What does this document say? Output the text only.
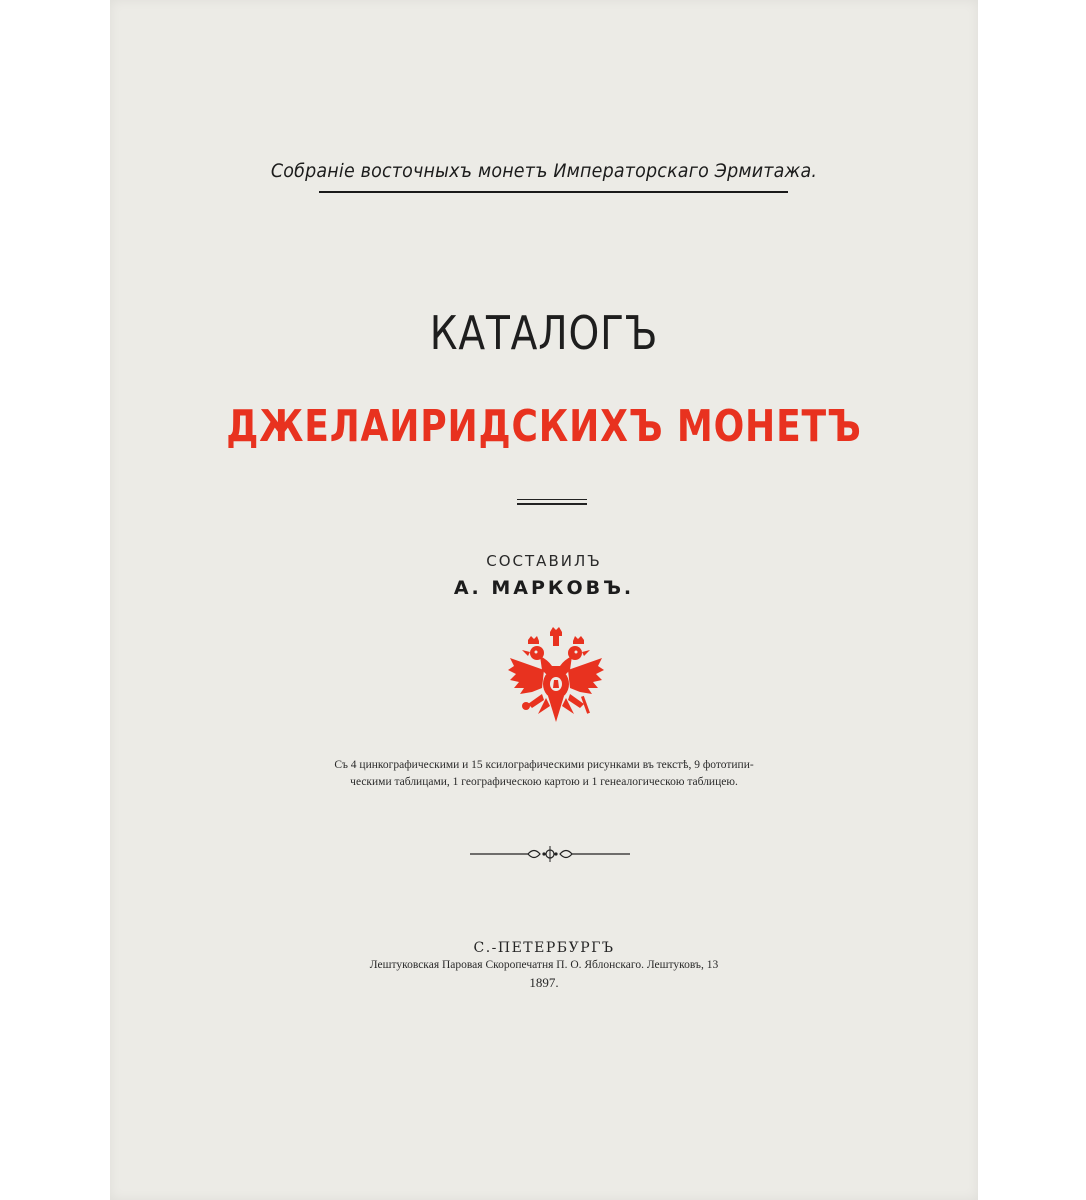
Собраніе восточныхъ монетъ Императорскаго Эрмитажа.
КАТАЛОГЪ
ДЖЕЛАИРИДСКИХЪ МОНЕТЪ
СОСТАВИЛЪ
А. МАРКОВЪ.
Съ 4 цинкографическими и 15 ксилографическими рисунками въ текстѣ, 9 фототипи-
ческими таблицами, 1 географическою картою и 1 генеалогическою таблицею.
С.-ПЕТЕРБУРГЪ
Лештуковская Паровая Скоропечатня П. О. Яблонскаго. Лештуковъ, 13
1897.
